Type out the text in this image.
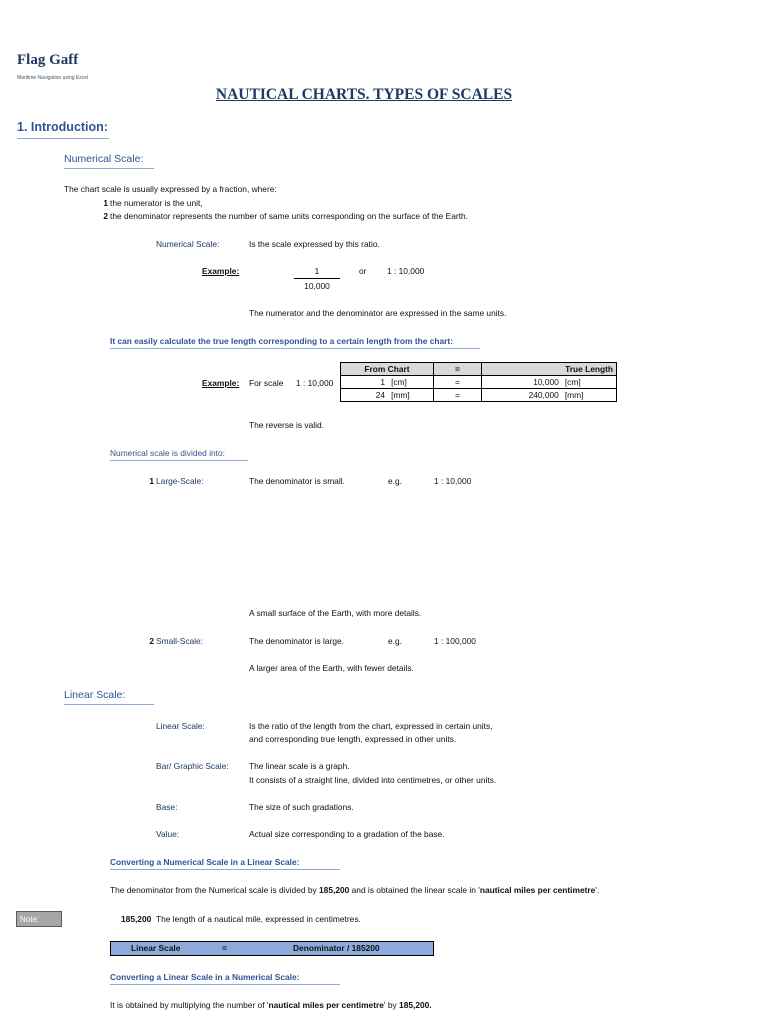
Flag Gaff
Maritime Navigation using Excel
NAUTICAL CHARTS. TYPES OF SCALES
1. Introduction:
Numerical Scale:
The chart scale is usually expressed by a fraction, where:
1 the numerator is the unit,
2 the denominator represents the number of same units corresponding on the surface of the Earth.
Numerical Scale:	Is the scale expressed by this ratio.
Example:	1
10,000
or 1 : 10,000
The numerator and the denominator are expressed in the same units.
It can easily calculate the true length corresponding to a certain length from the chart:
Example: For scale 1 : 10,000
From Chart		=	True Length	
1	[cm]	=	10,000	[cm]
24	[mm]	=	240,000	[mm]
The reverse is valid.
Numerical scale is divided into:
1 Large-Scale:	The denominator is small.	e.g.	1 : 10,000
A small surface of the Earth, with more details.
2 Small-Scale:	The denominator is large.	e.g.	1 : 100,000
A larger area of the Earth, with fewer details.
Linear Scale:
Linear Scale:	Is the ratio of the length from the chart, expressed in certain units,
and corresponding true length, expressed in other units.
Bar/ Graphic Scale: The linear scale is a graph.
It consists of a straight line, divided into centimetres, or other units.
Base:	The size of such gradations.
Value:	Actual size corresponding to a gradation of the base.
Converting a Numerical Scale in a Linear Scale:
The denominator from the Numerical scale is divided by 185,200 and is obtained the linear scale in 'nautical miles per centimetre'.
Note:	185,200 The length of a nautical mile, expressed in centimetres.
Linear Scale	=	Denominator / 185200
Converting a Linear Scale in a Numerical Scale:
It is obtained by multiplying the number of 'nautical miles per centimetre' by 185,200.
